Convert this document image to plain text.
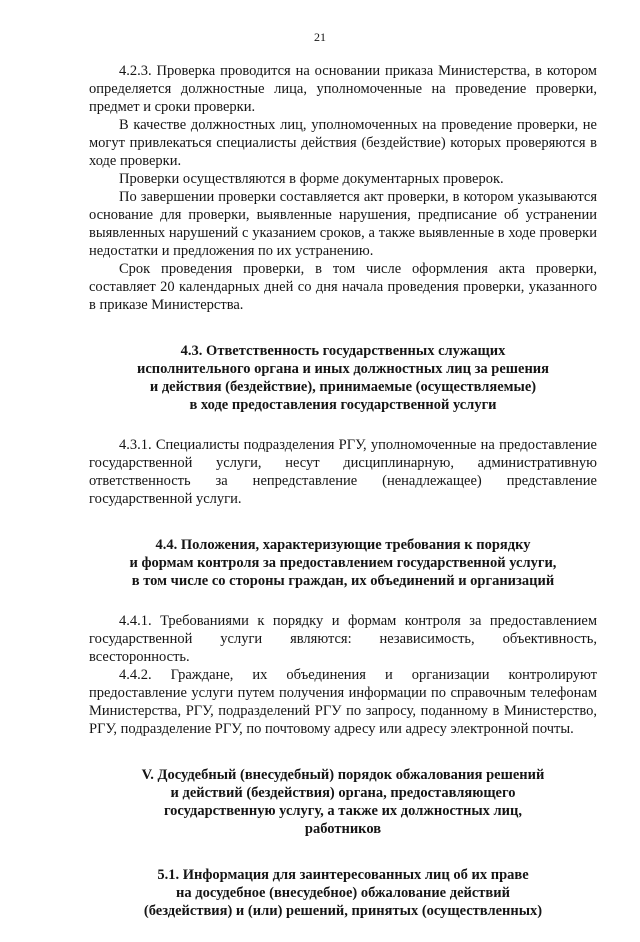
21

4.2.3. Проверка проводится на основании приказа Министерства, в котором определяется должностные лица, уполномоченные на проведение проверки, предмет и сроки проверки.

В качестве должностных лиц, уполномоченных на проведение проверки, не могут привлекаться специалисты действия (бездействие) которых проверяются в ходе проверки.

Проверки осуществляются в форме документарных проверок.

По завершении проверки составляется акт проверки, в котором указываются основание для проверки, выявленные нарушения, предписание об устранении выявленных нарушений с указанием сроков, а также выявленные в ходе проверки недостатки и предложения по их устранению.

Срок проведения проверки, в том числе оформления акта проверки, составляет 20 календарных дней со дня начала проведения проверки, указанного в приказе Министерства.

4.3. Ответственность государственных служащих
исполнительного органа и иных должностных лиц за решения
и действия (бездействие), принимаемые (осуществляемые)
в ходе предоставления государственной услуги

4.3.1. Специалисты подразделения РГУ, уполномоченные на предоставление государственной услуги, несут дисциплинарную, административную ответственность за непредставление (ненадлежащее) представление государственной услуги.

4.4. Положения, характеризующие требования к порядку
и формам контроля за предоставлением государственной услуги,
в том числе со стороны граждан, их объединений и организаций

4.4.1. Требованиями к порядку и формам контроля за предоставлением государственной услуги являются: независимость, объективность, всесторонность.

4.4.2. Граждане, их объединения и организации контролируют предоставление услуги путем получения информации по справочным телефонам Министерства, РГУ, подразделений РГУ по запросу, поданному в Министерство, РГУ, подразделение РГУ, по почтовому адресу или адресу электронной почты.

V. Досудебный (внесудебный) порядок обжалования решений
и действий (бездействия) органа, предоставляющего
государственную услугу, а также их должностных лиц,
работников
5.1. Информация для заинтересованных лиц об их праве
на досудебное (внесудебное) обжалование действий
(бездействия) и (или) решений, принятых (осуществленных)
